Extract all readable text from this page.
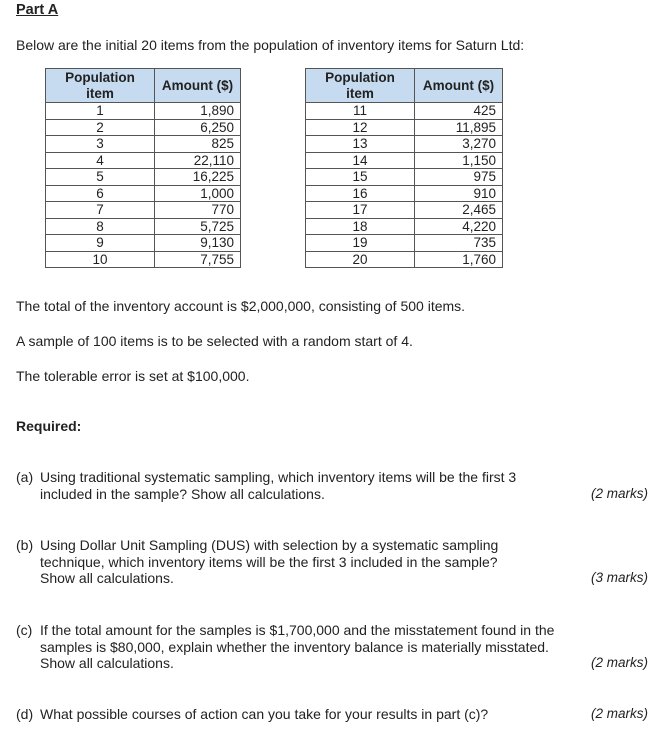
Part A
Below are the initial 20 items from the population of inventory items for Saturn Ltd:
Population item	Amount ($)
1	1,890
2	6,250
3	825
4	22,110
5	16,225
6	1,000
7	770
8	5,725
9	9,130
10	7,755
Population item	Amount ($)
11	425
12	11,895
13	3,270
14	1,150
15	975
16	910
17	2,465
18	4,220
19	735
20	1,760
The total of the inventory account is $2,000,000, consisting of 500 items.
A sample of 100 items is to be selected with a random start of 4.
The tolerable error is set at $100,000.
Required:
(a) Using traditional systematic sampling, which inventory items will be the first 3 included in the sample? Show all calculations.	(2 marks)
(b) Using Dollar Unit Sampling (DUS) with selection by a systematic sampling technique, which inventory items will be the first 3 included in the sample? Show all calculations.	(3 marks)
(c) If the total amount for the samples is $1,700,000 and the misstatement found in the samples is $80,000, explain whether the inventory balance is materially misstated. Show all calculations.	(2 marks)
(d) What possible courses of action can you take for your results in part (c)?	(2 marks)
